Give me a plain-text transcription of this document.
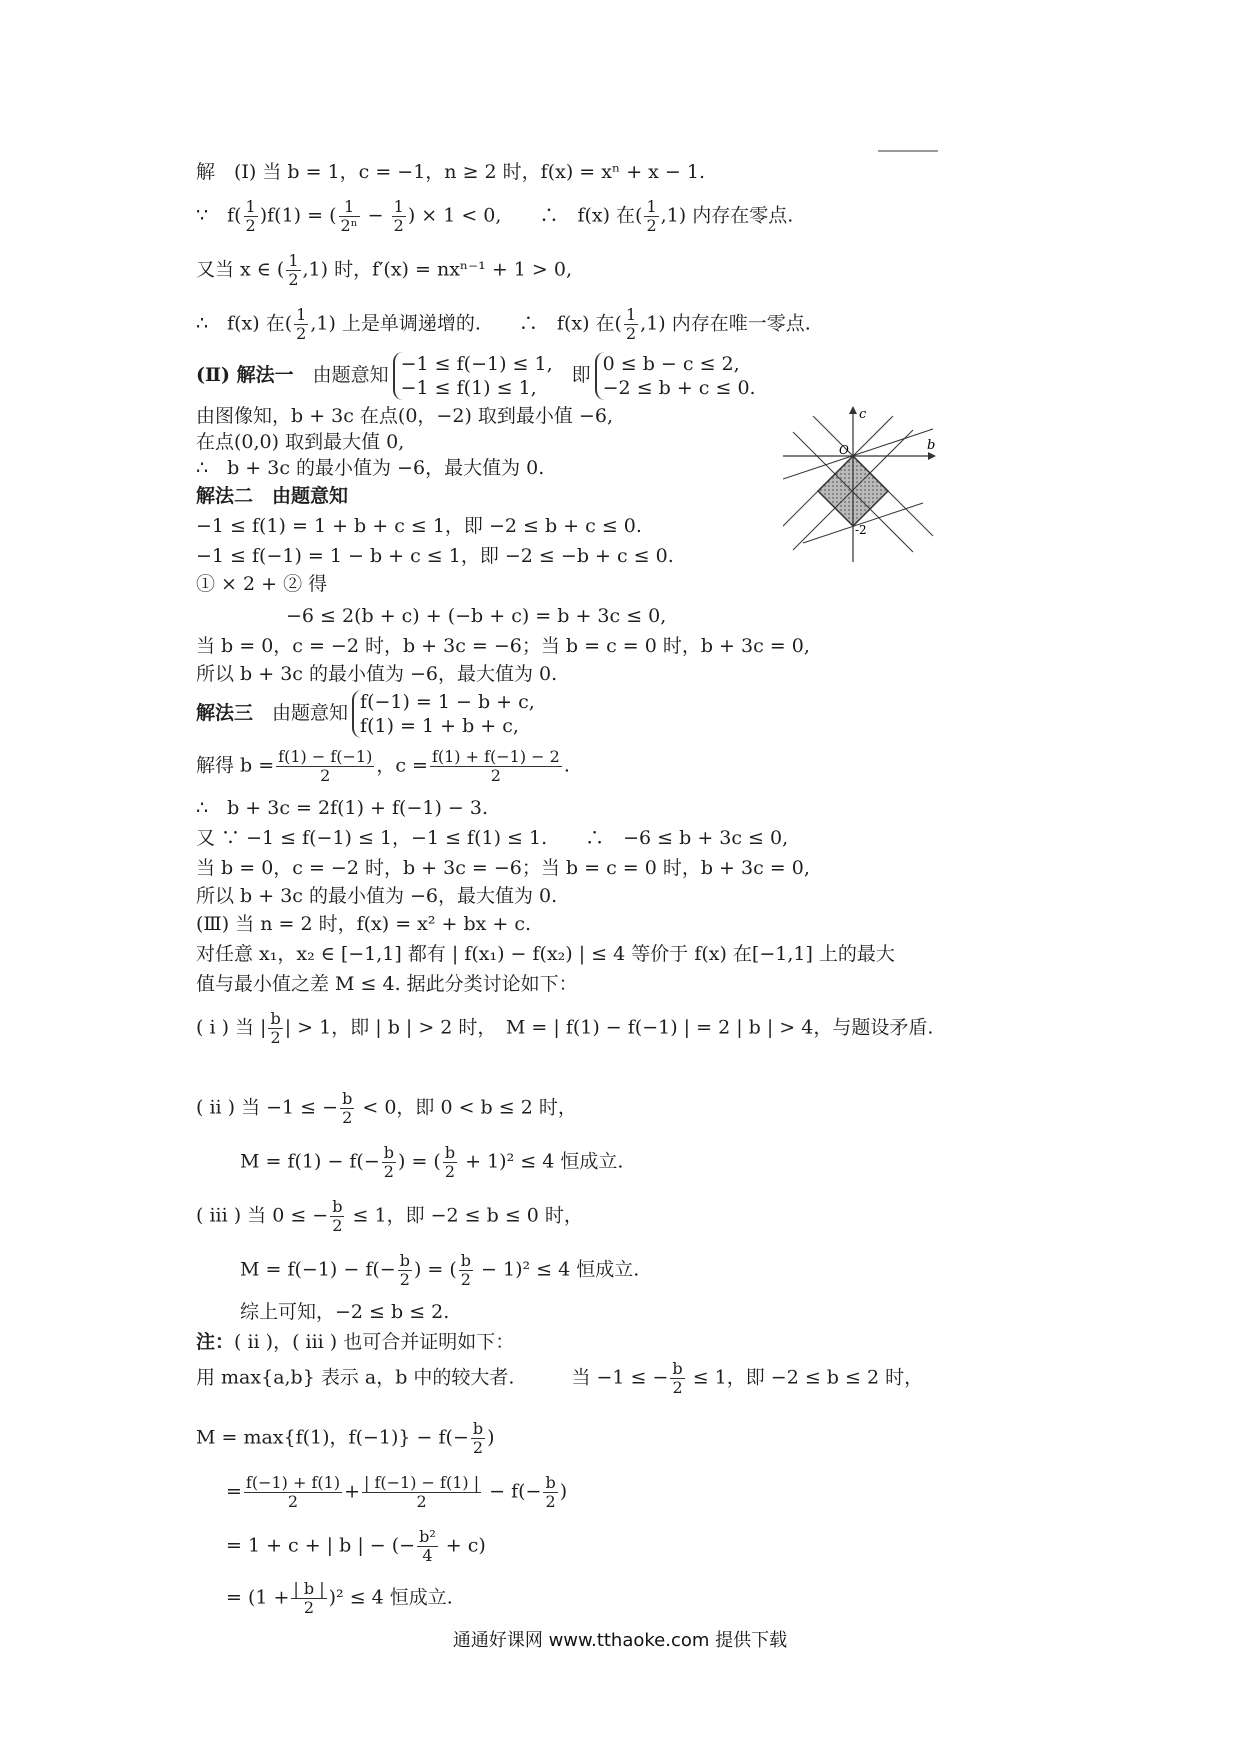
解　(Ⅰ) 当 b = 1，c = −1，n ≥ 2 时，f(x) = xⁿ + x − 1.
∵　$f( \frac{1}{2} )f(1)$ = ( $\frac{1}{\text{2ⁿ}} - \frac{1}{2}$ ) × 1 < 0,　　∴　f(x) 在( $\frac{1}{2} ,1$) 内存在零点.
又当 x ∈ ( $\frac{1}{2} ,1$) 时，f′(x) = nxⁿ⁻¹ + 1 > 0,
∴　f(x) 在( $\frac{1}{2} ,1$) 上是单调递增的.　　∴　f(x) 在( $\frac{1}{2} ,1$) 内存在唯一零点.
(Ⅱ) 解法一　由题意知 −1 ≤ f(−1) ≤ 1,
−1 ≤ f(1) ≤ 1,
　即 0 ≤ b − c ≤ 2,
−2 ≤ b + c ≤ 0.
由图像知，b + 3c 在点(0，−2) 取到最小值 −6,
在点(0,0) 取到最大值 0,
∴　b + 3c 的最小值为 −6，最大值为 0.
解法二　由题意知
−1 ≤ f(1) = 1 + b + c ≤ 1，即 −2 ≤ b + c ≤ 0.
−1 ≤ f(−1) = 1 − b + c ≤ 1，即 −2 ≤ −b + c ≤ 0.
① × 2 + ② 得
−6 ≤ 2(b + c) + (−b + c) = b + 3c ≤ 0,
当 b = 0，c = −2 时，b + 3c = −6；当 b = c = 0 时，b + 3c = 0,
所以 b + 3c 的最小值为 −6，最大值为 0.
解法三　由题意知 f(−1) = 1 − b + c,
f(1) = 1 + b + c,
解得 $b = \frac{f(1) - f(-1)}{2}$ ，$c = \frac{f(1) + f(-1) - 2}{2}$ .
∴　b + 3c = 2f(1) + f(−1) − 3.
又 ∵ −1 ≤ f(−1) ≤ 1，−1 ≤ f(1) ≤ 1.　　∴　−6 ≤ b + 3c ≤ 0,
当 b = 0，c = −2 时，b + 3c = −6；当 b = c = 0 时，b + 3c = 0,
所以 b + 3c 的最小值为 −6，最大值为 0.
(Ⅲ) 当 n = 2 时，f(x) = x² + bx + c.
对任意 x₁，x₂ ∈ [−1,1] 都有 | f(x₁) − f(x₂) | ≤ 4 等价于 f(x) 在[−1,1] 上的最大
值与最小值之差 M ≤ 4. 据此分类讨论如下：
( i ) 当 | $\frac{b}{2}$ | > 1，即 | b | > 2 时，　M = | f(1) − f(−1) | = 2 | b | > 4，与题设矛盾.
( ii ) 当 −1 ≤ − $\frac{b}{2} < 0$，即 0 < b ≤ 2 时，
$M = f(1) - f(- \frac{b}{2}$ ) = ( $\frac{b}{2} + 1)^2 \le 4$ 恒成立.
( iii ) 当 0 ≤ − $\frac{b}{2} \le 1$，即 −2 ≤ b ≤ 0 时，
$M = f(-1) - f(- \frac{b}{2}$ ) = ( $\frac{b}{2} - 1)^2 \le 4$ 恒成立.
综上可知，−2 ≤ b ≤ 2.
注：( ii )，( iii ) 也可合并证明如下：
用 max{a,b} 表示 a，b 中的较大者.　　　当 −1 ≤ − $\frac{b}{2} \le 1$，即 −2 ≤ b ≤ 2 时，
M = max{f(1)，$f(-1)\} - f(- \frac{b}{2}$ )
= $\frac{f(-1) + f(1)}{2} + \frac{| f(-1) - f(1) |}{2} - f(- \frac{b}{2}$ )
= 1 + c + | b | − (− $\frac{\text{b²}}{4} + c$)
= $(1 + \frac{| b |}{2} )^2 \le 4$ 恒成立.
c
b
O
-2
通通好课网 www.tthaoke.com 提供下载
